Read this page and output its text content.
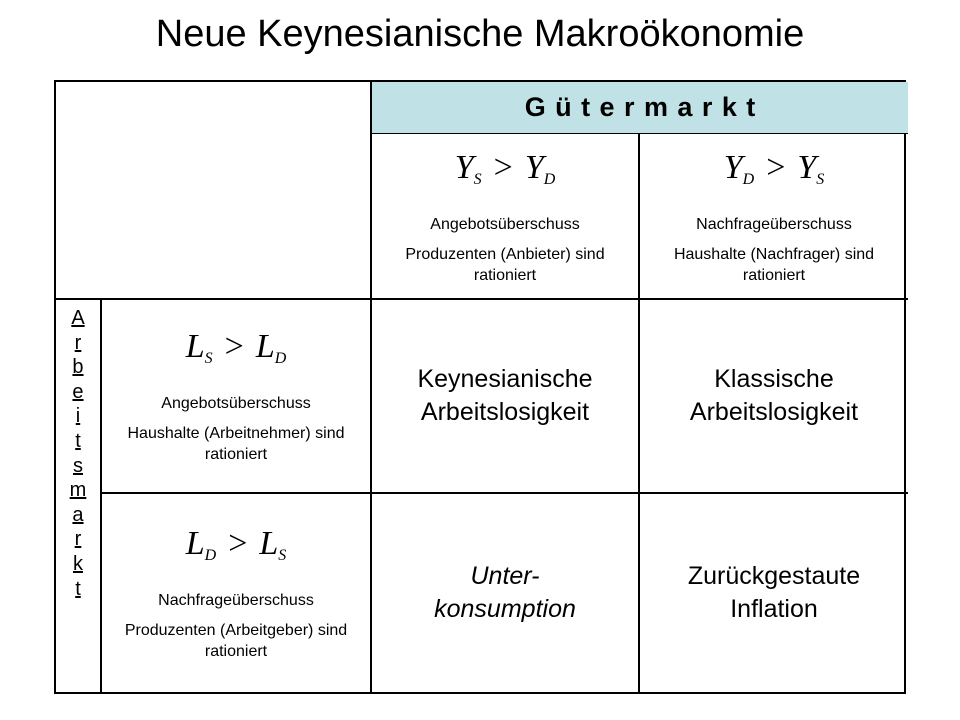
Neue Keynesianische Makroökonomie
Gütermarkt
$Y_S > Y_D$
Angebotsüberschuss
Produzenten (Anbieter) sind rationiert
$Y_D > Y_S$
Nachfrageüberschuss
Haushalte (Nachfrager) sind rationiert
A
r
b
e
i
t
s
m
a
r
k
t
$L_S > L_D$
Angebotsüberschuss
Haushalte (Arbeitnehmer) sind rationiert
Keynesianische Arbeitslosigkeit
Klassische Arbeitslosigkeit
$L_D > L_S$
Nachfrageüberschuss
Produzenten (Arbeitgeber) sind rationiert
Unter-
konsumption
Zurückgestaute Inflation
